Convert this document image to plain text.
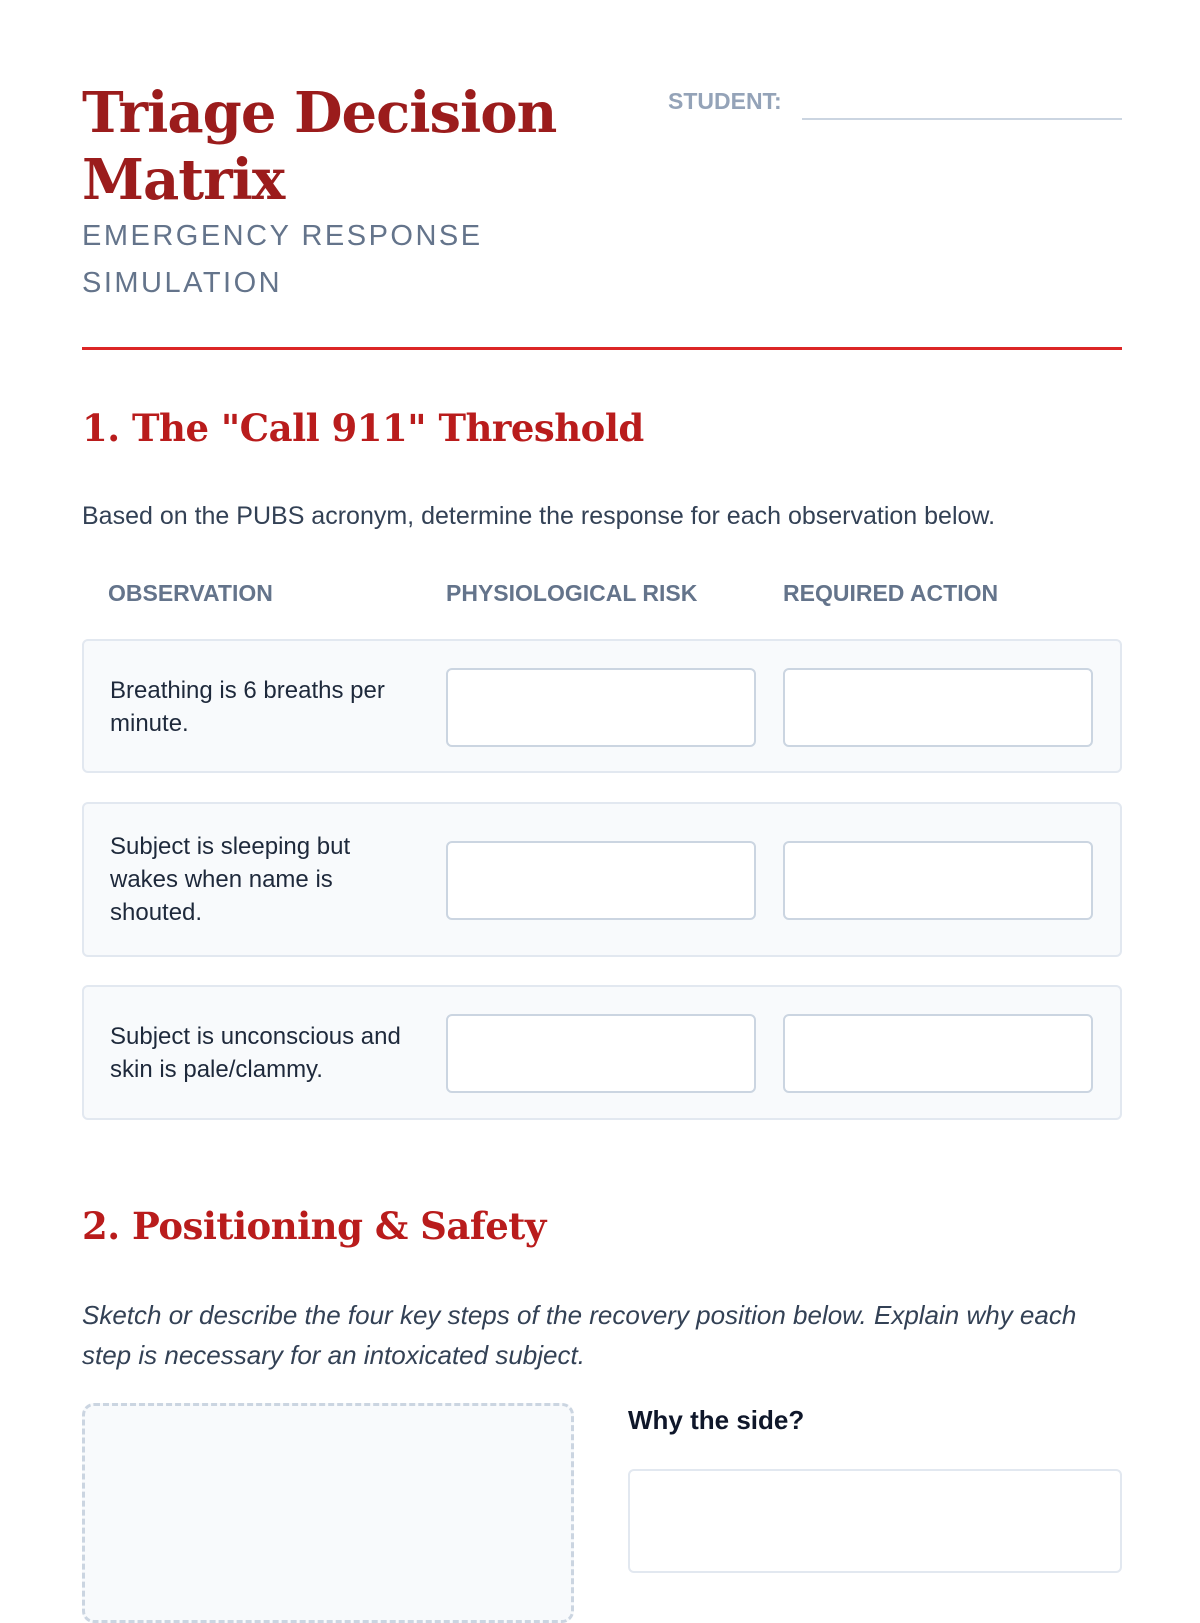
Triage Decision Matrix
EMERGENCY RESPONSE SIMULATION
STUDENT:
1. The "Call 911" Threshold
Based on the PUBS acronym, determine the response for each observation below.
OBSERVATION	PHYSIOLOGICAL RISK	REQUIRED ACTION
Breathing is 6 breaths per minute.
Subject is sleeping but wakes when name is shouted.
Subject is unconscious and skin is pale/clammy.
2. Positioning & Safety
Sketch or describe the four key steps of the recovery position below. Explain why each step is necessary for an intoxicated subject.
Why the side?
